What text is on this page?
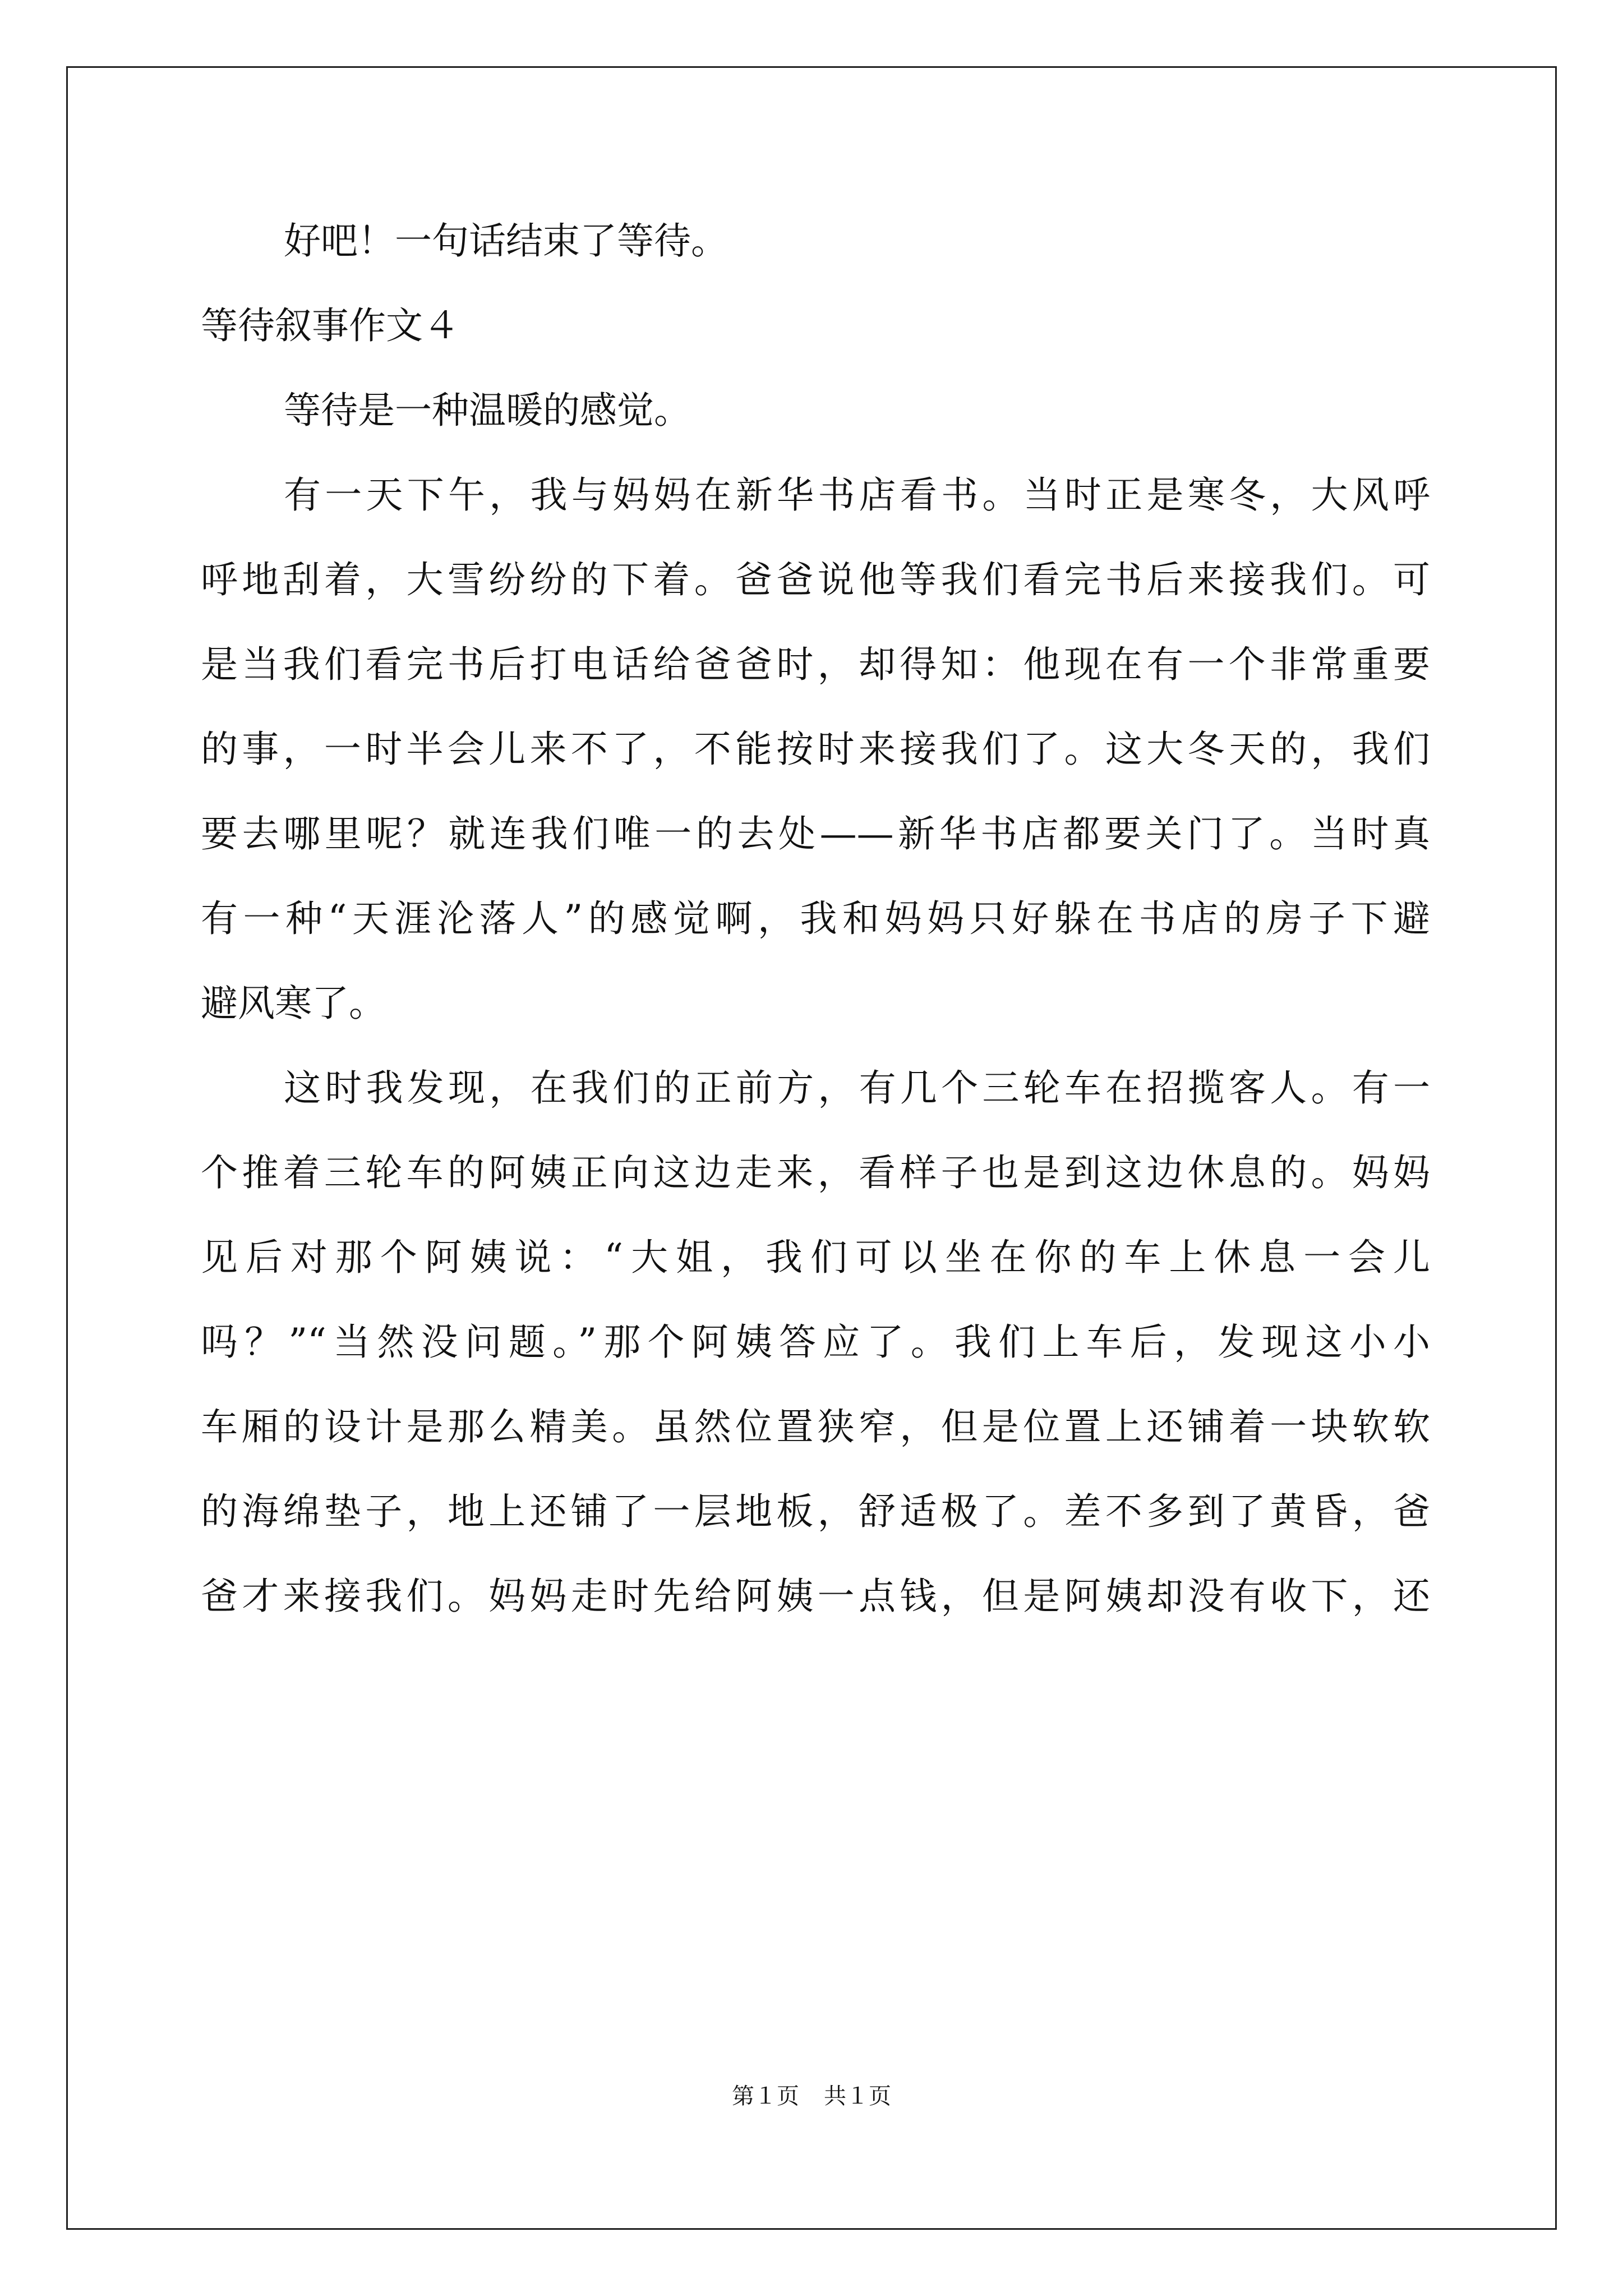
好吧！一句话结束了等待。
等待叙事作文４
等待是一种温暖的感觉。
有一天下午，我与妈妈在新华书店看书。当时正是寒冬，大风呼
呼地刮着，大雪纷纷的下着。爸爸说他等我们看完书后来接我们。可
是当我们看完书后打电话给爸爸时，却得知：他现在有一个非常重要
的事，一时半会儿来不了，不能按时来接我们了。这大冬天的，我们
要去哪里呢？就连我们唯一的去处——新华书店都要关门了。当时真
有一种“天涯沦落人”的感觉啊，我和妈妈只好躲在书店的房子下避
避风寒了。
这时我发现，在我们的正前方，有几个三轮车在招揽客人。有一
个推着三轮车的阿姨正向这边走来，看样子也是到这边休息的。妈妈
见后对那个阿姨说：“大姐，我们可以坐在你的车上休息一会儿
吗？”“当然没问题。”那个阿姨答应了。我们上车后，发现这小小
车厢的设计是那么精美。虽然位置狭窄，但是位置上还铺着一块软软
的海绵垫子，地上还铺了一层地板，舒适极了。差不多到了黄昏，爸
爸才来接我们。妈妈走时先给阿姨一点钱，但是阿姨却没有收下，还
第１页 共１页
